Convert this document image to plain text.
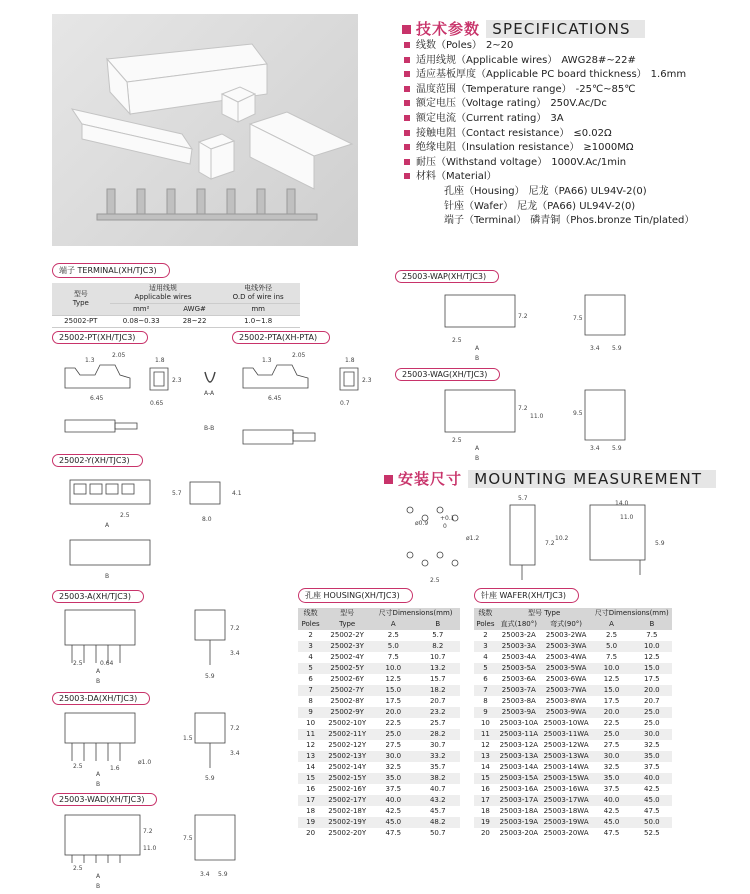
技术参数 SPECIFICATIONS
线数（Poles） 2~20
适用线规（Applicable wires） AWG28#~22#
适应基板厚度（Applicable PC board thickness） 1.6mm
温度范围（Temperature range） -25℃~85℃
额定电压（Voltage rating） 250V.Ac/Dc
额定电流（Current rating） 3A
接触电阻（Contact resistance） ≤0.02Ω
绝缘电阻（Insulation resistance） ≥1000MΩ
耐压（Withstand voltage） 1000V.Ac/1min
材料（Material）
孔座（Housing） 尼龙（PA66) UL94V-2(0)
针座（Wafer） 尼龙（PA66) UL94V-2(0)
端子（Terminal） 磷青铜（Phos.bronze Tin/plated）
安装尺寸 MOUNTING MEASUREMENT
端子 TERMINAL(XH/TJC3)
型号
Type	适用线规
Applicable wires		电线外径
O.D of wire ins
	mm²	AWG#	mm
25002-PT	0.08~0.33	28~22	1.0~1.8
25002-PT(XH/TJC3)	25002-PTA(XH-PTA)
25002-Y(XH/TJC3)
25003-A(XH/TJC3)
25003-DA(XH/TJC3)
25003-WAD(XH/TJC3)
25003-WAP(XH/TJC3)
25003-WAG(XH/TJC3)
孔座 HOUSING(XH/TJC3)	针座 WAFER(XH/TJC3)
1.3
2.05
1.8
2.3
6.45
0.65
A-A
B-B
1.3
2.05
1.8
2.3
6.45
0.7
5.7	4.1
2.5
A
8.0
B
2.5	0.64
A
B
7.2
3.4
5.9
1.5
1.6
2.5
A
B
ø1.0
7.2
3.4
5.9
7.5
7.2
11.0
2.5
A
B
3.4 5.9
7.2
2.5
A
B
7.5
3.4 5.9
7.2
11.0
2.5
A
B
9.5
3.4 5.9
ø0.9
+0.1
0
2.5
5.7
7.2
10.2
14.0
11.0
5.9
ø1.2
线数
Poles	型号
Type	尺寸Dimensions(mm)	
		A	B
2	25002-2Y	2.5	5.7
3	25002-3Y	5.0	8.2
4	25002-4Y	7.5	10.7
5	25002-5Y	10.0	13.2
6	25002-6Y	12.5	15.7
7	25002-7Y	15.0	18.2
8	25002-8Y	17.5	20.7
9	25002-9Y	20.0	23.2
10	25002-10Y	22.5	25.7
11	25002-11Y	25.0	28.2
12	25002-12Y	27.5	30.7
13	25002-13Y	30.0	33.2
14	25002-14Y	32.5	35.7
15	25002-15Y	35.0	38.2
16	25002-16Y	37.5	40.7
17	25002-17Y	40.0	43.2
18	25002-18Y	42.5	45.7
19	25002-19Y	45.0	48.2
20	25002-20Y	47.5	50.7
线数
Poles	型号 Type		尺寸Dimensions(mm)	
	直式(180°)	弯式(90°)	A	B
2	25003-2A	25003-2WA	2.5	7.5
3	25003-3A	25003-3WA	5.0	10.0
4	25003-4A	25003-4WA	7.5	12.5
5	25003-5A	25003-5WA	10.0	15.0
6	25003-6A	25003-6WA	12.5	17.5
7	25003-7A	25003-7WA	15.0	20.0
8	25003-8A	25003-8WA	17.5	20.7
9	25003-9A	25003-9WA	20.0	25.0
10	25003-10A	25003-10WA	22.5	25.0
11	25003-11A	25003-11WA	25.0	30.0
12	25003-12A	25003-12WA	27.5	32.5
13	25003-13A	25003-13WA	30.0	35.0
14	25003-14A	25003-14WA	32.5	37.5
15	25003-15A	25003-15WA	35.0	40.0
16	25003-16A	25003-16WA	37.5	42.5
17	25003-17A	25003-17WA	40.0	45.0
18	25003-18A	25003-18WA	42.5	47.5
19	25003-19A	25003-19WA	45.0	50.0
20	25003-20A	25003-20WA	47.5	52.5
